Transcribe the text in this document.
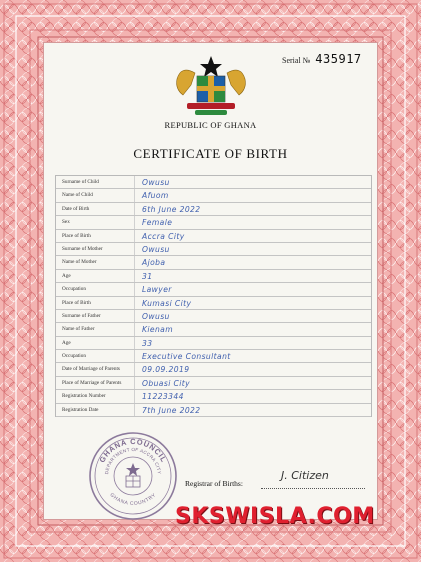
Serial № 435917
REPUBLIC OF GHANA
CERTIFICATE OF BIRTH
Surname of Child	Owusu
Name of Child	Afuom
Date of Birth	6th June 2022
Sex	Female
Place of Birth	Accra City
Surname of Mother	Owusu
Name of Mother	Ajoba
Age	31
Occupation	Lawyer
Place of Birth	Kumasi City
Surname of Father	Owusu
Name of Father	Kienam
Age	33
Occupation	Executive Consultant
Date of Marriage of Parents	09.09.2019
Place of Marriage of Parents	Obuasi City
Registration Number	11223344
Registration Date	7th June 2022
GHANA COUNCIL
DEPARTMENT OF ACCRA CITY
GHANA COUNTRY
Registrar of Births:
J. Citizen
SKSWISLA.COM
